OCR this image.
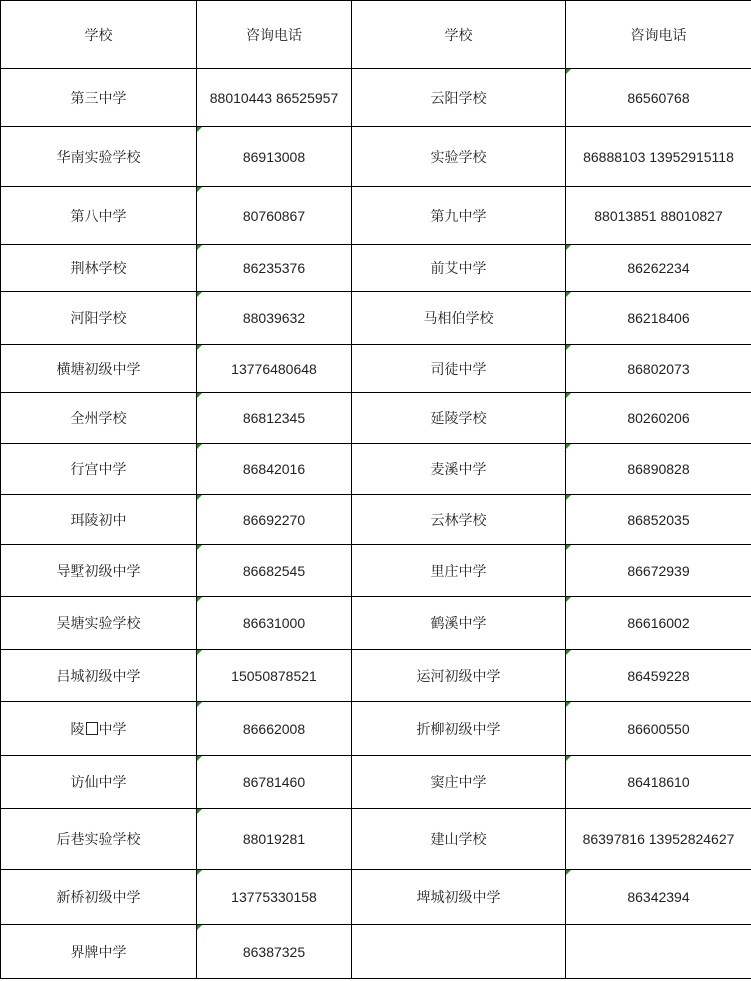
学校	咨询电话	学校	咨询电话
第三中学	88010443 86525957	云阳学校	86560768
华南实验学校	86913008	实验学校	86888103 13952915118
第八中学	80760867	第九中学	88013851 88010827
荆林学校	86235376	前艾中学	86262234
河阳学校	88039632	马相伯学校	86218406
横塘初级中学	13776480648	司徒中学	86802073
全州学校	86812345	延陵学校	80260206
行宫中学	86842016	麦溪中学	86890828
珥陵初中	86692270	云林学校	86852035
导墅初级中学	86682545	里庄中学	86672939
吴塘实验学校	86631000	鹤溪中学	86616002
吕城初级中学	15050878521	运河初级中学	86459228
陵 中学	86662008	折柳初级中学	86600550
访仙中学	86781460	窦庄中学	86418610
后巷实验学校	88019281	建山学校	86397816 13952824627
新桥初级中学	13775330158	埤城初级中学	86342394
界牌中学	86387325		
